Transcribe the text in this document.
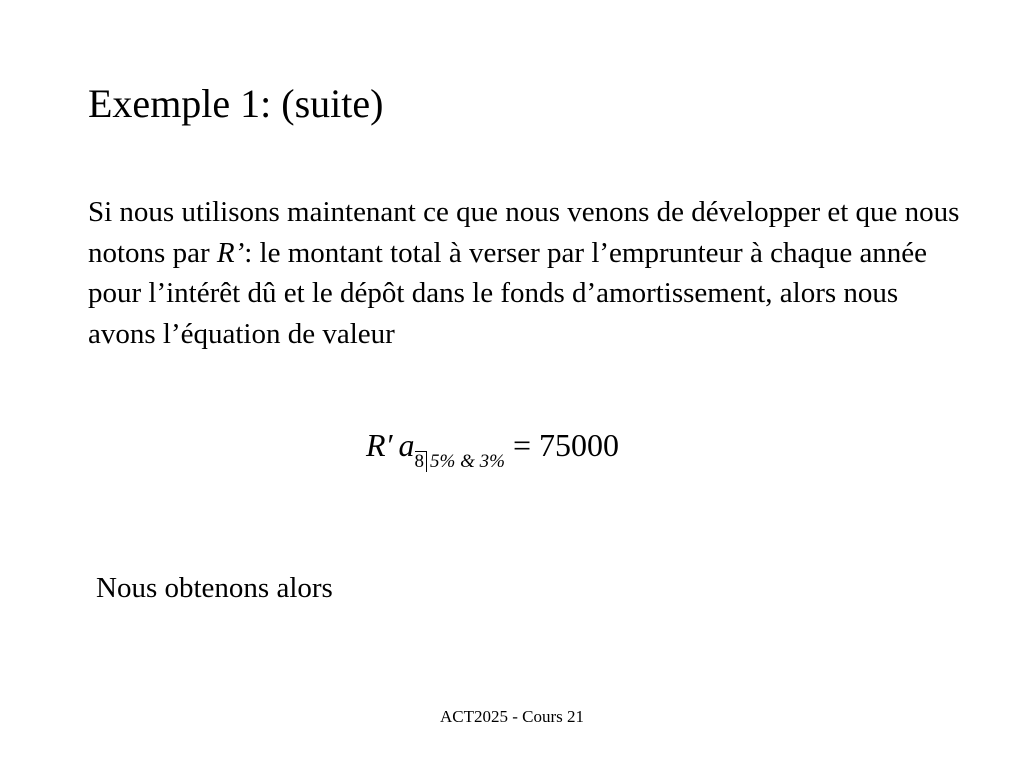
Exemple 1: (suite)

Si nous utilisons maintenant ce que nous venons de développer et que nous notons par R’: le montant total à verser par l’emprunteur à chaque année pour l’intérêt dû et le dépôt dans le fonds d’amortissement, alors nous avons l’équation de valeur

R′ a8 5% & 3% = 75000

Nous obtenons alors

ACT2025 - Cours 21
